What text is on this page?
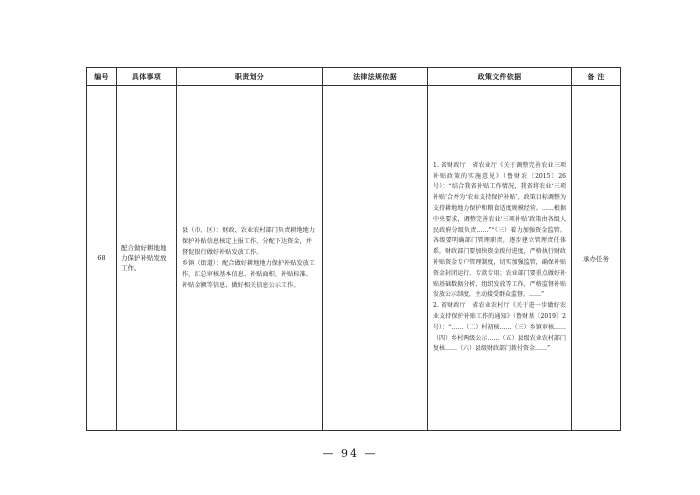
编号	具体事项	职责划分	法律法规依据	政策文件依据	备 注
68	配合做好耕地地力保护补贴发放工作。	县（市、区）：财政、农业农村部门负责耕地地力保护补贴信息核定上报工作、分配下达资金，并督促银行做好补贴发放工作。
乡镇（街道）：配合做好耕地地力保护补贴发放工作，汇总审核基本信息、补贴面积、补贴标准、补贴金额等信息，做好相关信息公示工作。		1. 省财政厅　省农业厅《关于调整完善农业三项补贴政策的实施意见》（鲁财农〔2015〕26号）：“结合我省补贴工作情况，我省将农业‘三项补贴’合并为‘农业支持保护补贴’，政策目标调整为支持耕地地力保护和粮食适度规模经营。……根据中央要求，调整完善农业‘三项补贴’政策由各级人民政府分级负责……”“（三）着力加强资金监管。各级要明确部门管理职责，逐步建立管理责任体系，财政部门要加快资金拨付进度，严格执行财政补贴资金专户管理制度，切实加强监管，确保补贴资金封闭运行、专款专用；农业部门要重点做好补贴基础数据分析、组织发放等工作，严格监督补贴发放公示制度，主动接受群众监督。……”
2. 省财政厅　省农业农村厅《关于进一步做好农业支持保护补贴工作的通知》（鲁财基〔2019〕2号）：“……（二）村初核……（三）乡镇审核……（四）乡村两级公示……（五）县级农业农村部门复核……（六）县级财政部门拨付资金……”	承办任务
— 94 —
